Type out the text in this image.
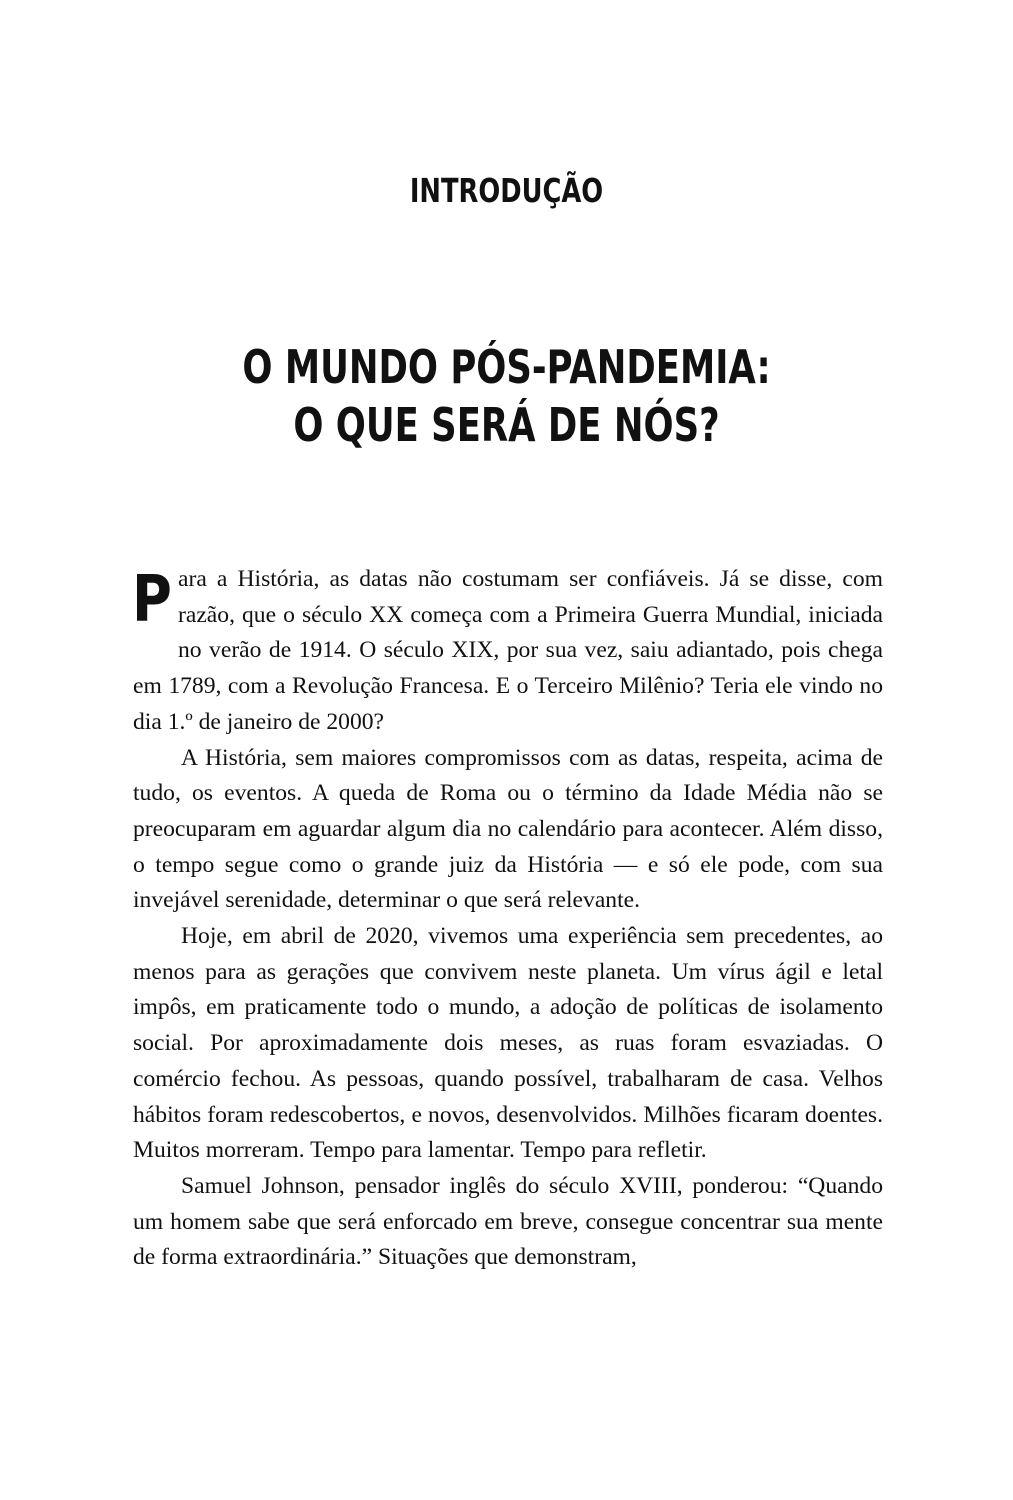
INTRODUÇÃO
O MUNDO PÓS-PANDEMIA:
O QUE SERÁ DE NÓS?

Para a História, as datas não costumam ser confiáveis. Já se disse, com razão, que o século XX começa com a Primeira Guerra Mundial, iniciada no verão de 1914. O século XIX, por sua vez, saiu adiantado, pois chega em 1789, com a Revolução Francesa. E o Terceiro Milênio? Teria ele vindo no dia 1.º de janeiro de 2000?

A História, sem maiores compromissos com as datas, respeita, acima de tudo, os eventos. A queda de Roma ou o término da Idade Média não se preocuparam em aguardar algum dia no calendário para acontecer. Além disso, o tempo segue como o grande juiz da História — e só ele pode, com sua invejável serenidade, determinar o que será relevante.

Hoje, em abril de 2020, vivemos uma experiência sem precedentes, ao menos para as gerações que convivem neste planeta. Um vírus ágil e letal impôs, em praticamente todo o mundo, a adoção de políticas de isolamento social. Por aproximadamente dois meses, as ruas foram esvaziadas. O comércio fechou. As pessoas, quando possível, trabalharam de casa. Velhos hábitos foram redescobertos, e novos, desenvolvidos. Milhões ficaram doentes. Muitos morreram. Tempo para lamentar. Tempo para refletir.

Samuel Johnson, pensador inglês do século XVIII, ponderou: “Quando um homem sabe que será enforcado em breve, consegue concentrar sua mente de forma extraordinária.” Situações que demonstram,
